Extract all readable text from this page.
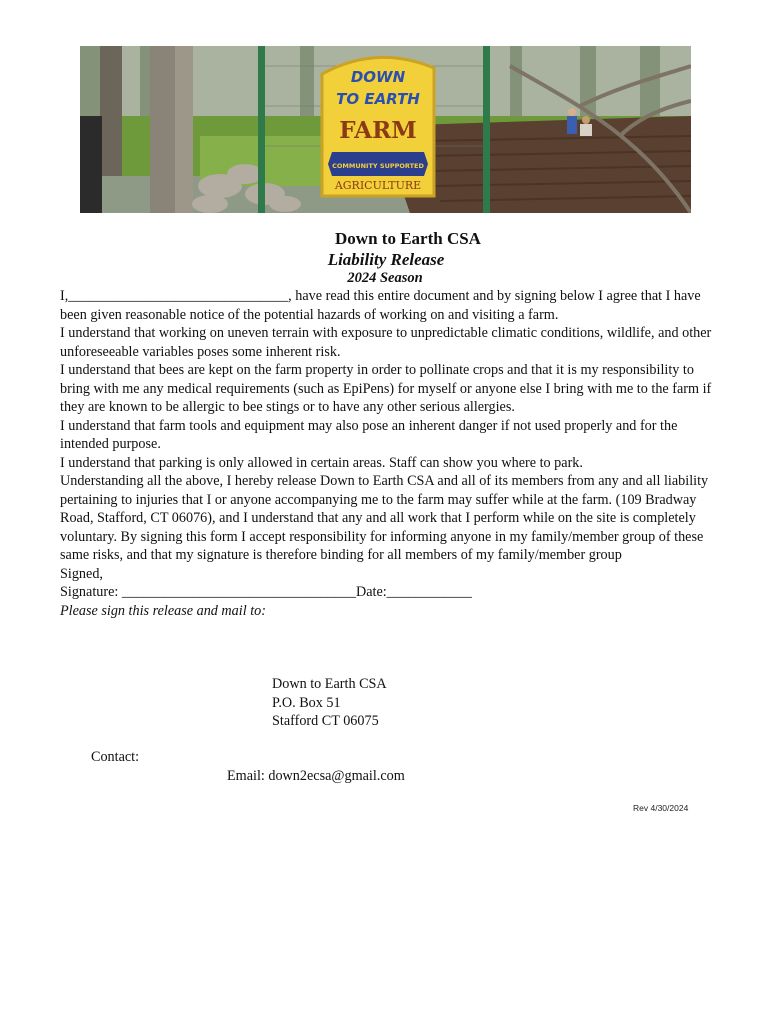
DOWN
TO EARTH
FARM
COMMUNITY SUPPORTED
AGRICULTURE
Down to Earth CSA
Liability Release
2024 Season

I,_______________________________, have read this entire document and by signing below I agree that I have been given reasonable notice of the potential hazards of working on and visiting a farm.

I understand that working on uneven terrain with exposure to unpredictable climatic conditions, wildlife, and other unforeseeable variables poses some inherent risk.

I understand that bees are kept on the farm property in order to pollinate crops and that it is my responsibility to bring with me any medical requirements (such as EpiPens) for myself or anyone else I bring with me to the farm if they are known to be allergic to bee stings or to have any other serious allergies.

I understand that farm tools and equipment may also pose an inherent danger if not used properly and for the intended purpose.

I understand that parking is only allowed in certain areas. Staff can show you where to park.

Understanding all the above, I hereby release Down to Earth CSA and all of its members from any and all liability pertaining to injuries that I or anyone accompanying me to the farm may suffer while at the farm. (109 Bradway Road, Stafford, CT 06076), and I understand that any and all work that I perform while on the site is completely voluntary. By signing this form I accept responsibility for informing anyone in my family/member group of these same risks, and that my signature is therefore binding for all members of my family/member group

Signed,

Signature: _________________________________Date:____________

Please sign this release and mail to:

Down to Earth CSA
P.O. Box 51
Stafford CT 06075
Contact:
Email: down2ecsa@gmail.com
Rev 4/30/2024
